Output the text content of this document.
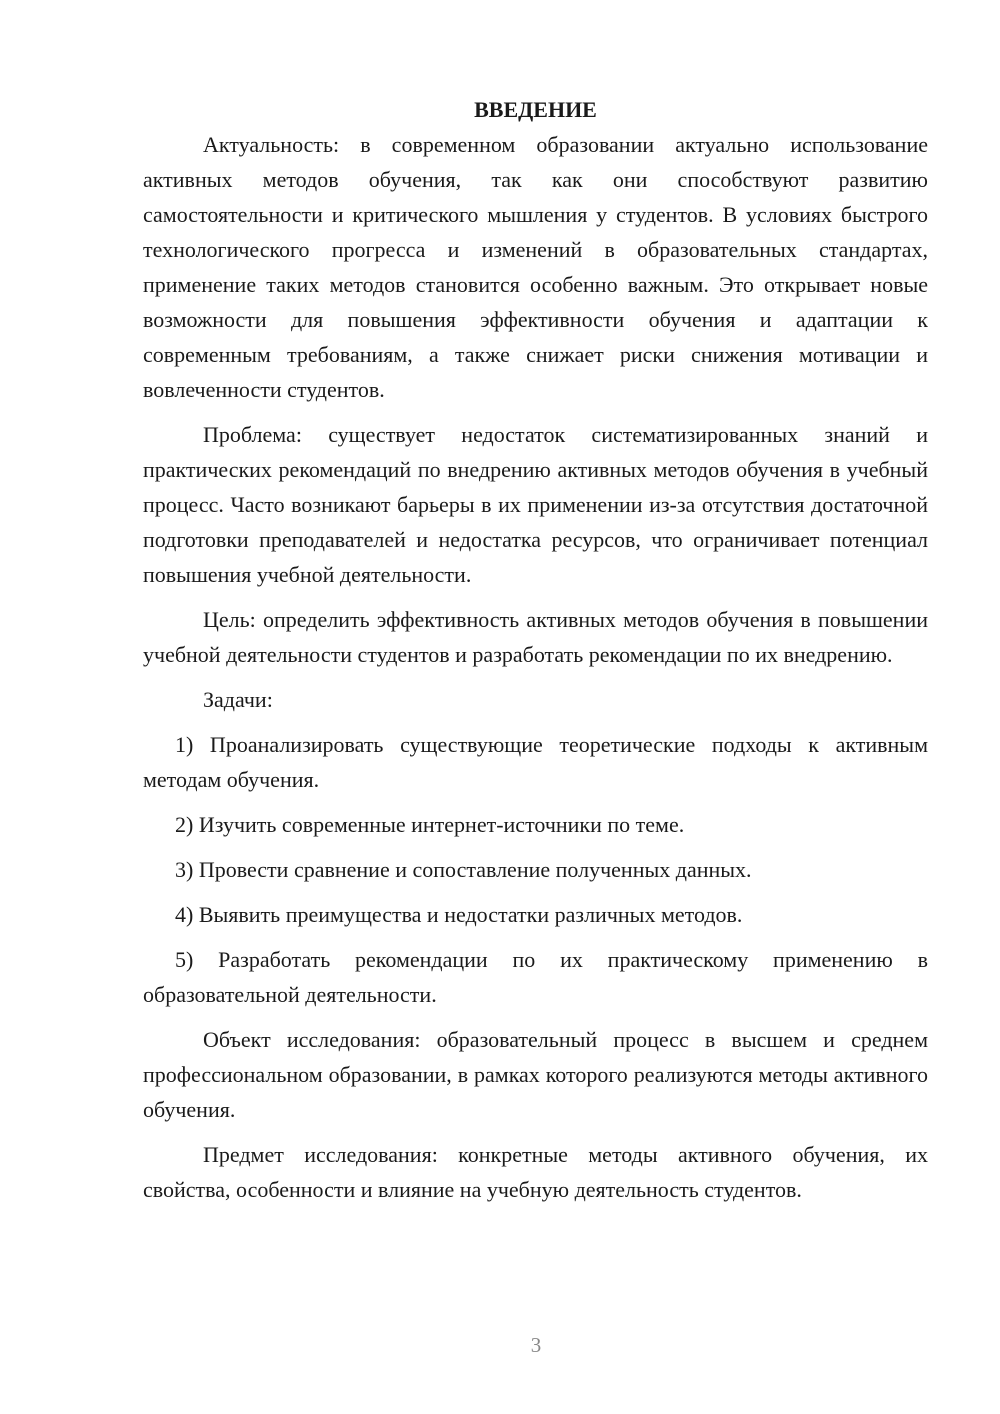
ВВЕДЕНИЕ

Актуальность: в современном образовании актуально использование активных методов обучения, так как они способствуют развитию самостоятельности и критического мышления у студентов. В условиях быстрого технологического прогресса и изменений в образовательных стандартах, применение таких методов становится особенно важным. Это открывает новые возможности для повышения эффективности обучения и адаптации к современным требованиям, а также снижает риски снижения мотивации и вовлеченности студентов.

Проблема: существует недостаток систематизированных знаний и практических рекомендаций по внедрению активных методов обучения в учебный процесс. Часто возникают барьеры в их применении из-за отсутствия достаточной подготовки преподавателей и недостатка ресурсов, что ограничивает потенциал повышения учебной деятельности.

Цель: определить эффективность активных методов обучения в повышении учебной деятельности студентов и разработать рекомендации по их внедрению.

Задачи:

1) Проанализировать существующие теоретические подходы к активным методам обучения.

2) Изучить современные интернет-источники по теме.

3) Провести сравнение и сопоставление полученных данных.

4) Выявить преимущества и недостатки различных методов.

5) Разработать рекомендации по их практическому применению в образовательной деятельности.

Объект исследования: образовательный процесс в высшем и среднем профессиональном образовании, в рамках которого реализуются методы активного обучения.

Предмет исследования: конкретные методы активного обучения, их свойства, особенности и влияние на учебную деятельность студентов.

3
